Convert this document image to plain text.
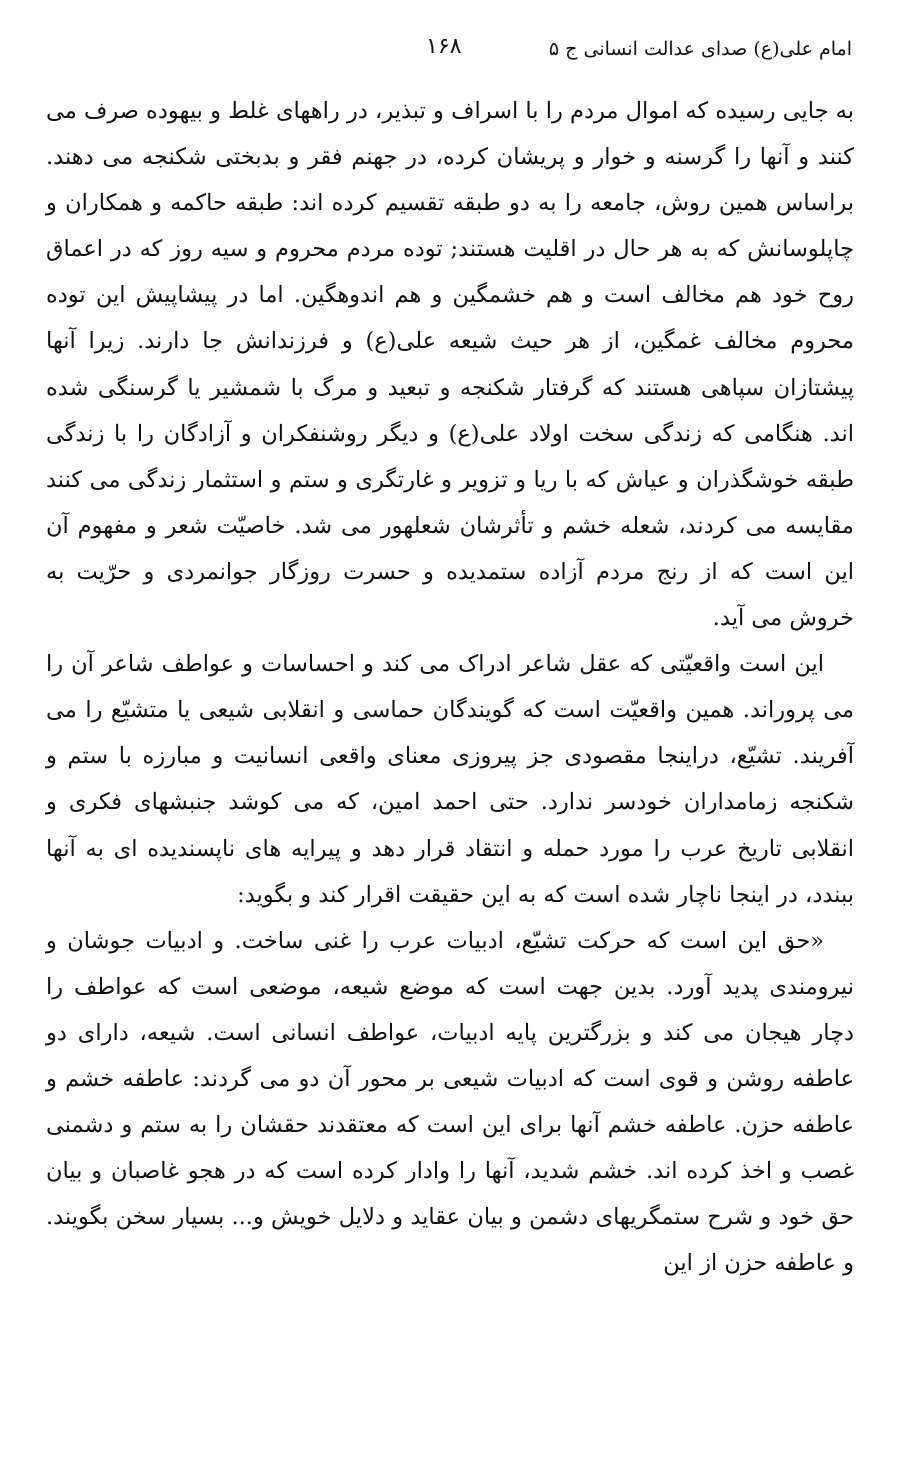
امام علی(ع) صدای عدالت انسانی ج ۵
۱۶۸

به جایی رسیده که اموال مردم را با اسراف و تبذیر، در راههای غلط و بیهوده صرف می کنند و آنها را گرسنه و خوار و پریشان کرده، در جهنم فقر و بدبختی شکنجه می دهند. براساس همین روش، جامعه را به دو طبقه تقسیم کرده اند: طبقه حاکمه و همکاران و چاپلوسانش که به هر حال در اقلیت هستند; توده مردم محروم و سیه روز که در اعماق روح خود هم مخالف است و هم خشمگین و هم اندوهگین. اما در پیشاپیش این توده محروم مخالف غمگین، از هر حیث شیعه علی(ع) و فرزندانش جا دارند. زیرا آنها پیشتازان سپاهی هستند که گرفتار شکنجه و تبعید و مرگ با شمشیر یا گرسنگی شده اند. هنگامی که زندگی سخت اولاد علی(ع) و دیگر روشنفکران و آزادگان را با زندگی طبقه خوشگذران و عیاش که با ریا و تزویر و غارتگری و ستم و استثمار زندگی می کنند مقایسه می کردند، شعله خشم و تأثرشان شعلهور می شد. خاصیّت شعر و مفهوم آن این است که از رنج مردم آزاده ستمدیده و حسرت روزگار جوانمردی و حرّیت به خروش می آید.

این است واقعیّتی که عقل شاعر ادراک می کند و احساسات و عواطف شاعر آن را می پروراند. همین واقعیّت است که گویندگان حماسی و انقلابی شیعی یا متشیّع را می آفریند. تشیّع، دراینجا مقصودی جز پیروزی معنای واقعی انسانیت و مبارزه با ستم و شکنجه زمامداران خودسر ندارد. حتی احمد امین، که می کوشد جنبشهای فکری و انقلابی تاریخ عرب را مورد حمله و انتقاد قرار دهد و پیرایه های ناپسندیده ای به آنها ببندد، در اینجا ناچار شده است که به این حقیقت اقرار کند و بگوید:

«حق این است که حرکت تشیّع، ادبیات عرب را غنی ساخت. و ادبیات جوشان و نیرومندی پدید آورد. بدین جهت است که موضع شیعه، موضعی است که عواطف را دچار هیجان می کند و بزرگترین پایه ادبیات، عواطف انسانی است. شیعه، دارای دو عاطفه روشن و قوی است که ادبیات شیعی بر محور آن دو می گردند: عاطفه خشم و عاطفه حزن. عاطفه خشم آنها برای این است که معتقدند حقشان را به ستم و دشمنی غصب و اخذ کرده اند. خشم شدید، آنها را وادار کرده است که در هجو غاصبان و بیان حق خود و شرح ستمگریهای دشمن و بیان عقاید و دلایل خویش و... بسیار سخن بگویند. و عاطفه حزن از این
